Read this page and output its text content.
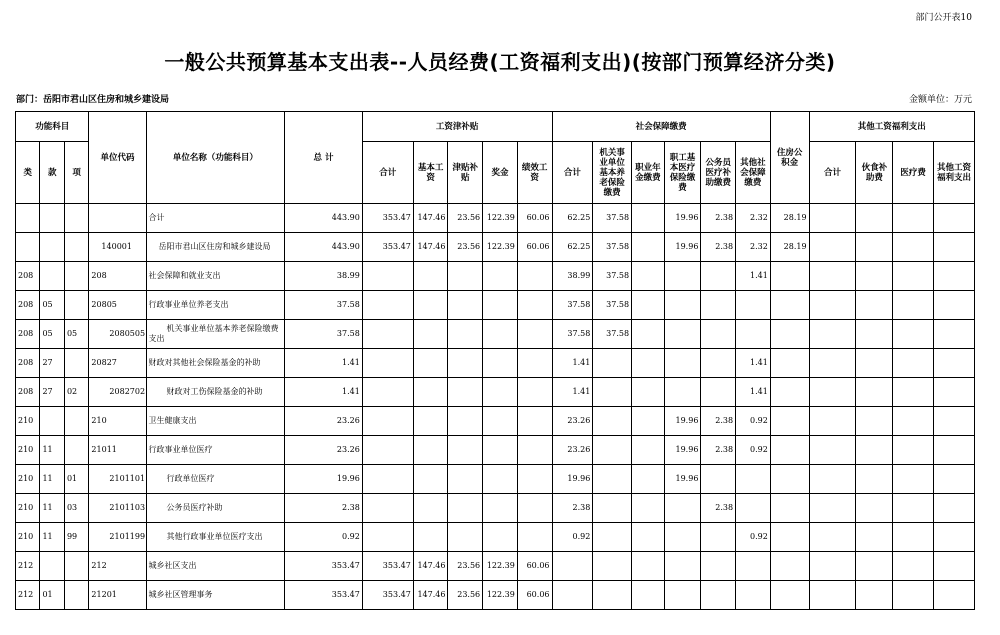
部门公开表10
一般公共预算基本支出表--人员经费(工资福利支出)(按部门预算经济分类)
部门：岳阳市君山区住房和城乡建设局	金额单位：万元
功能科目			单位代码	单位名称（功能科目）	总 计	工资津补贴					社会保障缴费						住房公积金	其他工资福利支出			
类	款	项				合计	基本工资	津贴补贴	奖金	绩效工资	合计	机关事业单位基本养老保险缴费	职业年金缴费	职工基本医疗保险缴费	公务员医疗补助缴费	其他社会保障缴费		合计	伙食补助费	医疗费	其他工资福利支出
				合计	443.90	353.47	147.46	23.56	122.39	60.06	62.25	37.58		19.96	2.38	2.32	28.19				
			140001	岳阳市君山区住房和城乡建设局	443.90	353.47	147.46	23.56	122.39	60.06	62.25	37.58		19.96	2.38	2.32	28.19				
208			208	社会保障和就业支出	38.99						38.99	37.58				1.41					
208	05		20805	行政事业单位养老支出	37.58						37.58	37.58									
208	05	05	2080505	机关事业单位基本养老保险缴费支出	37.58						37.58	37.58									
208	27		20827	财政对其他社会保险基金的补助	1.41						1.41					1.41					
208	27	02	2082702	财政对工伤保险基金的补助	1.41						1.41					1.41					
210			210	卫生健康支出	23.26						23.26			19.96	2.38	0.92					
210	11		21011	行政事业单位医疗	23.26						23.26			19.96	2.38	0.92					
210	11	01	2101101	行政单位医疗	19.96						19.96			19.96							
210	11	03	2101103	公务员医疗补助	2.38						2.38				2.38						
210	11	99	2101199	其他行政事业单位医疗支出	0.92						0.92					0.92					
212			212	城乡社区支出	353.47	353.47	147.46	23.56	122.39	60.06											
212	01		21201	城乡社区管理事务	353.47	353.47	147.46	23.56	122.39	60.06											
